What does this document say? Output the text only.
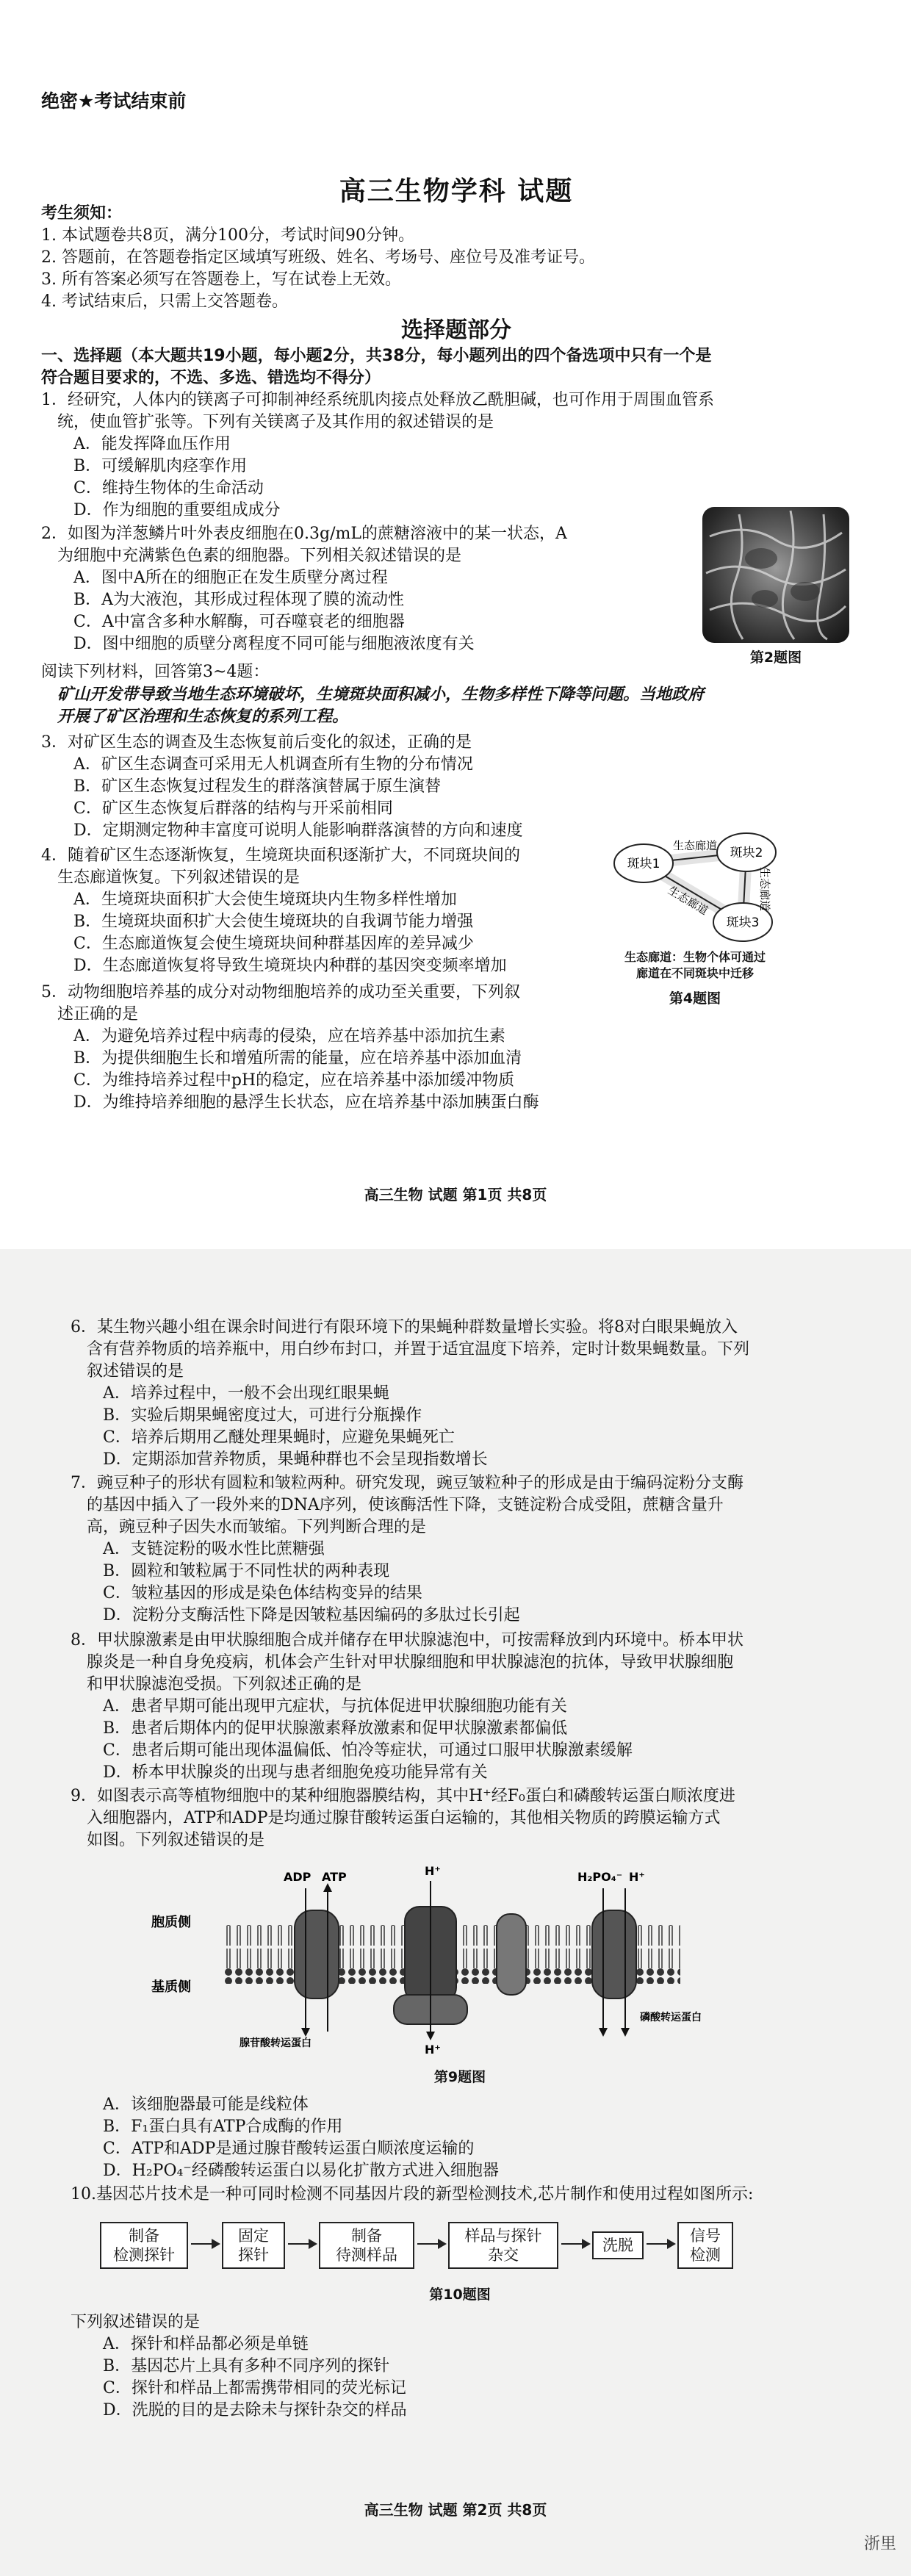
绝密★考试结束前
高三生物学科 试题
考生须知：
1. 本试题卷共8页，满分100分，考试时间90分钟。
2. 答题前，在答题卷指定区域填写班级、姓名、考场号、座位号及准考证号。
3. 所有答案必须写在答题卷上，写在试卷上无效。
4. 考试结束后，只需上交答题卷。
选择题部分
一、选择题（本大题共19小题，每小题2分，共38分，每小题列出的四个备选项中只有一个是
符合题目要求的，不选、多选、错选均不得分）
1．经研究，人体内的镁离子可抑制神经系统肌肉接点处释放乙酰胆碱，也可作用于周围血管系
统，使血管扩张等。下列有关镁离子及其作用的叙述错误的是
A．能发挥降血压作用
B．可缓解肌肉痉挛作用
C．维持生物体的生命活动
D．作为细胞的重要组成成分
2．如图为洋葱鳞片叶外表皮细胞在0.3g/mL的蔗糖溶液中的某一状态，A
为细胞中充满紫色色素的细胞器。下列相关叙述错误的是
A．图中A所在的细胞正在发生质壁分离过程
B．A为大液泡，其形成过程体现了膜的流动性
C．A中富含多种水解酶，可吞噬衰老的细胞器
D．图中细胞的质壁分离程度不同可能与细胞液浓度有关
第2题图
阅读下列材料，回答第3~4题：
矿山开发带导致当地生态环境破坏，生境斑块面积减小，生物多样性下降等问题。当地政府
开展了矿区治理和生态恢复的系列工程。
3．对矿区生态的调查及生态恢复前后变化的叙述，正确的是
A．矿区生态调查可采用无人机调查所有生物的分布情况
B．矿区生态恢复过程发生的群落演替属于原生演替
C．矿区生态恢复后群落的结构与开采前相同
D．定期测定物种丰富度可说明人能影响群落演替的方向和速度
4．随着矿区生态逐渐恢复，生境斑块面积逐渐扩大，不同斑块间的
生态廊道恢复。下列叙述错误的是
A．生境斑块面积扩大会使生境斑块内生物多样性增加
B．生境斑块面积扩大会使生境斑块的自我调节能力增强
C．生态廊道恢复会使生境斑块间种群基因库的差异减少
D．生态廊道恢复将导致生境斑块内种群的基因突变频率增加
斑块1
斑块2
斑块3
生态廊道
生态廊道	生态廊道
生态廊道：生物个体可通过
廊道在不同斑块中迁移
第4题图
5．动物细胞培养基的成分对动物细胞培养的成功至关重要，下列叙
述正确的是
A．为避免培养过程中病毒的侵染，应在培养基中添加抗生素
B．为提供细胞生长和增殖所需的能量，应在培养基中添加血清
C．为维持培养过程中pH的稳定，应在培养基中添加缓冲物质
D．为维持培养细胞的悬浮生长状态，应在培养基中添加胰蛋白酶
高三生物 试题 第1页 共8页
6．某生物兴趣小组在课余时间进行有限环境下的果蝇种群数量增长实验。将8对白眼果蝇放入
含有营养物质的培养瓶中，用白纱布封口，并置于适宜温度下培养，定时计数果蝇数量。下列
叙述错误的是
A．培养过程中，一般不会出现红眼果蝇
B．实验后期果蝇密度过大，可进行分瓶操作
C．培养后期用乙醚处理果蝇时，应避免果蝇死亡
D．定期添加营养物质，果蝇种群也不会呈现指数增长
7．豌豆种子的形状有圆粒和皱粒两种。研究发现，豌豆皱粒种子的形成是由于编码淀粉分支酶
的基因中插入了一段外来的DNA序列，使该酶活性下降，支链淀粉合成受阻，蔗糖含量升
高，豌豆种子因失水而皱缩。下列判断合理的是
A．支链淀粉的吸水性比蔗糖强
B．圆粒和皱粒属于不同性状的两种表现
C．皱粒基因的形成是染色体结构变异的结果
D．淀粉分支酶活性下降是因皱粒基因编码的多肽过长引起
8．甲状腺激素是由甲状腺细胞合成并储存在甲状腺滤泡中，可按需释放到内环境中。桥本甲状
腺炎是一种自身免疫病，机体会产生针对甲状腺细胞和甲状腺滤泡的抗体，导致甲状腺细胞
和甲状腺滤泡受损。下列叙述正确的是
A．患者早期可能出现甲亢症状，与抗体促进甲状腺细胞功能有关
B．患者后期体内的促甲状腺激素释放激素和促甲状腺激素都偏低
C．患者后期可能出现体温偏低、怕冷等症状，可通过口服甲状腺激素缓解
D．桥本甲状腺炎的出现与患者细胞免疫功能异常有关
9．如图表示高等植物细胞中的某种细胞器膜结构，其中H⁺经F₀蛋白和磷酸转运蛋白顺浓度进
入细胞器内，ATP和ADP是均通过腺苷酸转运蛋白运输的，其他相关物质的跨膜运输方式
如图。下列叙述错误的是
ADP ATP	H⁺
H⁺
H₂PO₄⁻ H⁺
胞质侧
基质侧
腺苷酸转运蛋白
磷酸转运蛋白
第9题图
A．该细胞器最可能是线粒体
B．F₁蛋白具有ATP合成酶的作用
C．ATP和ADP是通过腺苷酸转运蛋白顺浓度运输的
D．H₂PO₄⁻经磷酸转运蛋白以易化扩散方式进入细胞器
10.基因芯片技术是一种可同时检测不同基因片段的新型检测技术,芯片制作和使用过程如图所示:
制备
检测探针
固定
探针
制备
待测样品
样品与探针
杂交
洗脱
信号
检测
第10题图
下列叙述错误的是
A．探针和样品都必须是单链
B．基因芯片上具有多种不同序列的探针
C．探针和样品上都需携带相同的荧光标记
D．洗脱的目的是去除未与探针杂交的样品
高三生物 试题 第2页 共8页
浙里
